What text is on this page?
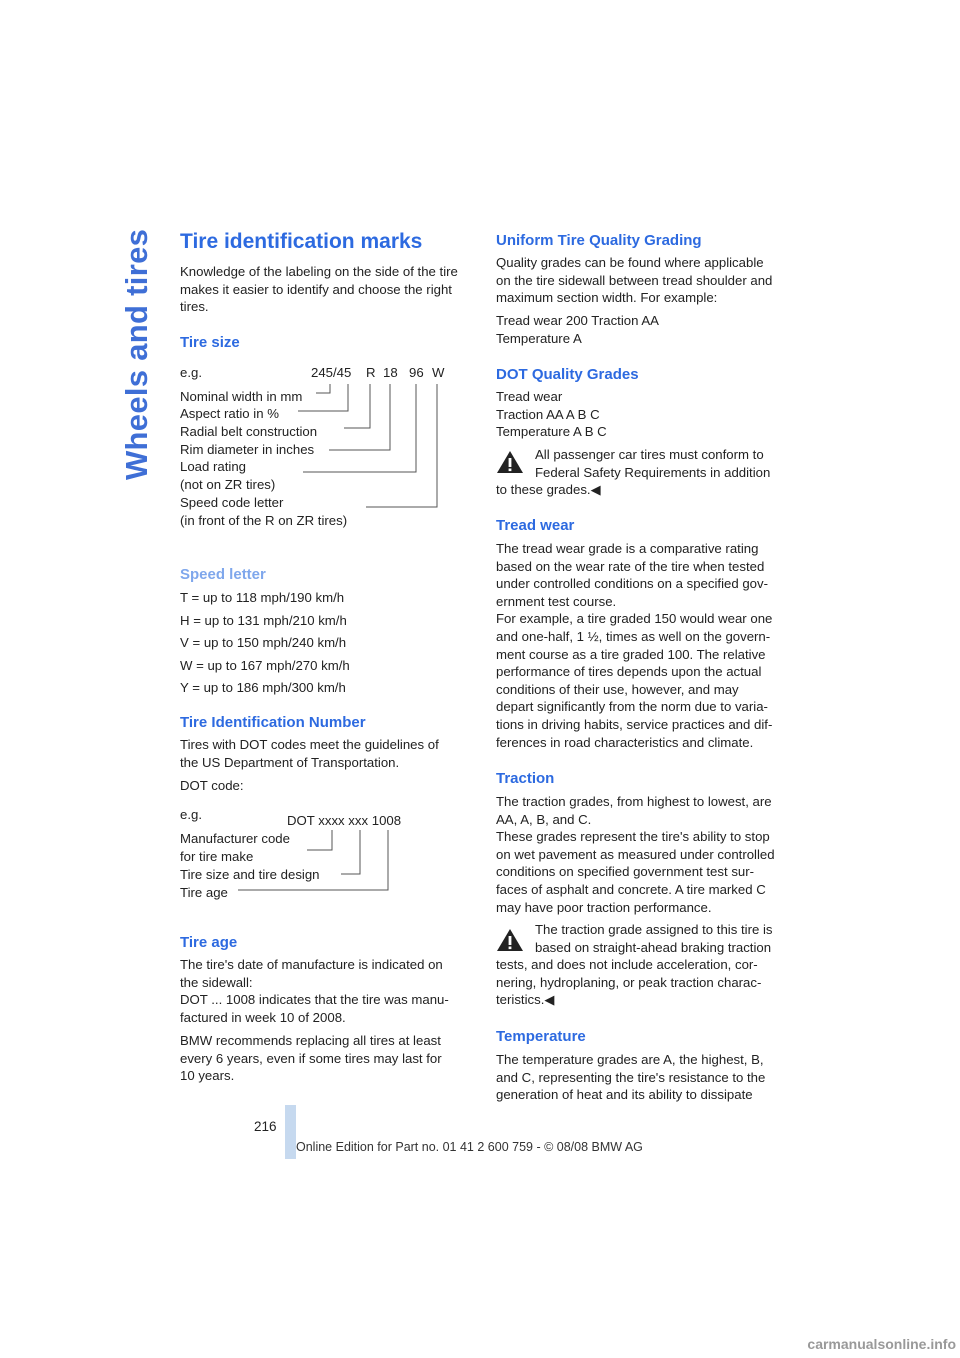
Wheels and tires Tire identification marks
Knowledge of the labeling on the side of the tire
makes it easier to identify and choose the right
tires.
Tire size
e.g.	245/45 R 18 96 W
Nominal width in mm
Aspect ratio in %
Radial belt construction
Rim diameter in inches
Load rating
(not on ZR tires)
Speed code letter
(in front of the R on ZR tires)
Speed letter
T = up to 118 mph/190 km/h
H = up to 131 mph/210 km/h
V = up to 150 mph/240 km/h
W = up to 167 mph/270 km/h
Y = up to 186 mph/300 km/h
Tire Identification Number
Tires with DOT codes meet the guidelines of
the US Department of Transportation.
DOT code:
e.g.	DOT xxxx xxx 1008
Manufacturer code
for tire make
Tire size and tire design
Tire age
Tire age
The tire's date of manufacture is indicated on
the sidewall:
DOT ... 1008 indicates that the tire was manu-
factured in week 10 of 2008.
BMW recommends replacing all tires at least
every 6 years, even if some tires may last for
10 years.
Uniform Tire Quality Grading
Quality grades can be found where applicable
on the tire sidewall between tread shoulder and
maximum section width. For example:
Tread wear 200 Traction AA
Temperature A
DOT Quality Grades
Tread wear
Traction AA A B C
Temperature A B C
All passenger car tires must conform to
Federal Safety Requirements in addition
to these grades.◀
Tread wear
The tread wear grade is a comparative rating
based on the wear rate of the tire when tested
under controlled conditions on a specified gov-
ernment test course.
For example, a tire graded 150 would wear one
and one-half, 1 ½, times as well on the govern-
ment course as a tire graded 100. The relative
performance of tires depends upon the actual
conditions of their use, however, and may
depart significantly from the norm due to varia-
tions in driving habits, service practices and dif-
ferences in road characteristics and climate.
Traction
The traction grades, from highest to lowest, are
AA, A, B, and C.
These grades represent the tire's ability to stop
on wet pavement as measured under controlled
conditions on specified government test sur-
faces of asphalt and concrete. A tire marked C
may have poor traction performance.
The traction grade assigned to this tire is
based on straight-ahead braking traction
tests, and does not include acceleration, cor-
nering, hydroplaning, or peak traction charac-
teristics.◀
Temperature
The temperature grades are A, the highest, B,
and C, representing the tire's resistance to the
generation of heat and its ability to dissipate
216
Online Edition for Part no. 01 41 2 600 759 - © 08/08 BMW AG
carmanualsonline.info
